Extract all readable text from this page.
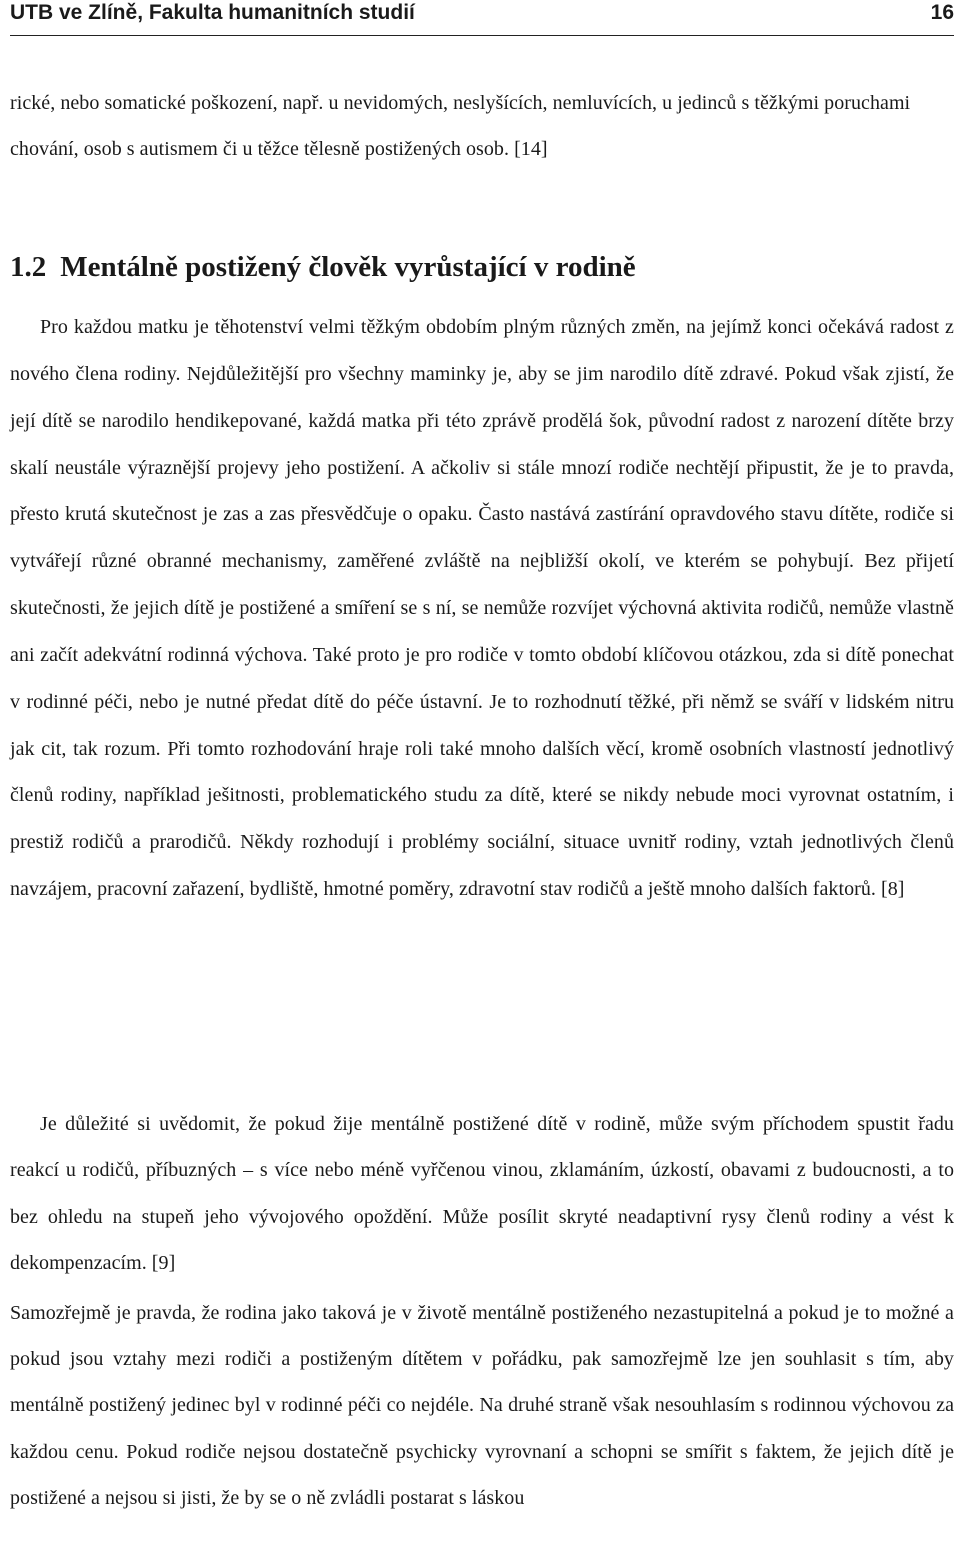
UTB ve Zlíně, Fakulta humanitních studií	16

rické, nebo somatické poškození, např. u nevidomých, neslyšících, nemluvících, u jedinců s těžkými poruchami chování, osob s autismem či u těžce tělesně postižených osob. [14]

1.2 Mentálně postižený člověk vyrůstající v rodině

Pro každou matku je těhotenství velmi těžkým obdobím plným různých změn, na jejímž konci očekává radost z nového člena rodiny. Nejdůležitější pro všechny maminky je, aby se jim narodilo dítě zdravé. Pokud však zjistí, že její dítě se narodilo hendikepované, každá matka při této zprávě prodělá šok, původní radost z narození dítěte brzy skalí neustále výraznější projevy jeho postižení. A ačkoliv si stále mnozí rodiče nechtějí připustit, že je to pravda, přesto krutá skutečnost je zas a zas přesvědčuje o opaku. Často nastává zastírání opravdového stavu dítěte, rodiče si vytvářejí různé obranné mechanismy, zaměřené zvláště na nejbližší okolí, ve kterém se pohybují. Bez přijetí skutečnosti, že jejich dítě je postižené a smíření se s ní, se nemůže rozvíjet výchovná aktivita rodičů, nemůže vlastně ani začít adekvátní rodinná výchova. Také proto je pro rodiče v tomto období klíčovou otázkou, zda si dítě ponechat v rodinné péči, nebo je nutné předat dítě do péče ústavní. Je to rozhodnutí těžké, při němž se sváří v lidském nitru jak cit, tak rozum. Při tomto rozhodování hraje roli také mnoho dalších věcí, kromě osobních vlastností jednotlivý členů rodiny, například ješitnosti, problematického studu za dítě, které se nikdy nebude moci vyrovnat ostatním, i prestiž rodičů a prarodičů. Někdy rozhodují i problémy sociální, situace uvnitř rodiny, vztah jednotlivých členů navzájem, pracovní zařazení, bydliště, hmotné poměry, zdravotní stav rodičů a ještě mnoho dalších faktorů. [8]

Je důležité si uvědomit, že pokud žije mentálně postižené dítě v rodině, může svým příchodem spustit řadu reakcí u rodičů, příbuzných – s více nebo méně vyřčenou vinou, zklamáním, úzkostí, obavami z budoucnosti, a to bez ohledu na stupeň jeho vývojového opoždění. Může posílit skryté neadaptivní rysy členů rodiny a vést k dekompenzacím. [9]

Samozřejmě je pravda, že rodina jako taková je v životě mentálně postiženého nezastupitelná a pokud je to možné a pokud jsou vztahy mezi rodiči a postiženým dítětem v pořádku, pak samozřejmě lze jen souhlasit s tím, aby mentálně postižený jedinec byl v rodinné péči co nejdéle. Na druhé straně však nesouhlasím s rodinnou výchovou za každou cenu. Pokud rodiče nejsou dostatečně psychicky vyrovnaní a schopni se smířit s faktem, že jejich dítě je postižené a nejsou si jisti, že by se o ně zvládli postarat s láskou
